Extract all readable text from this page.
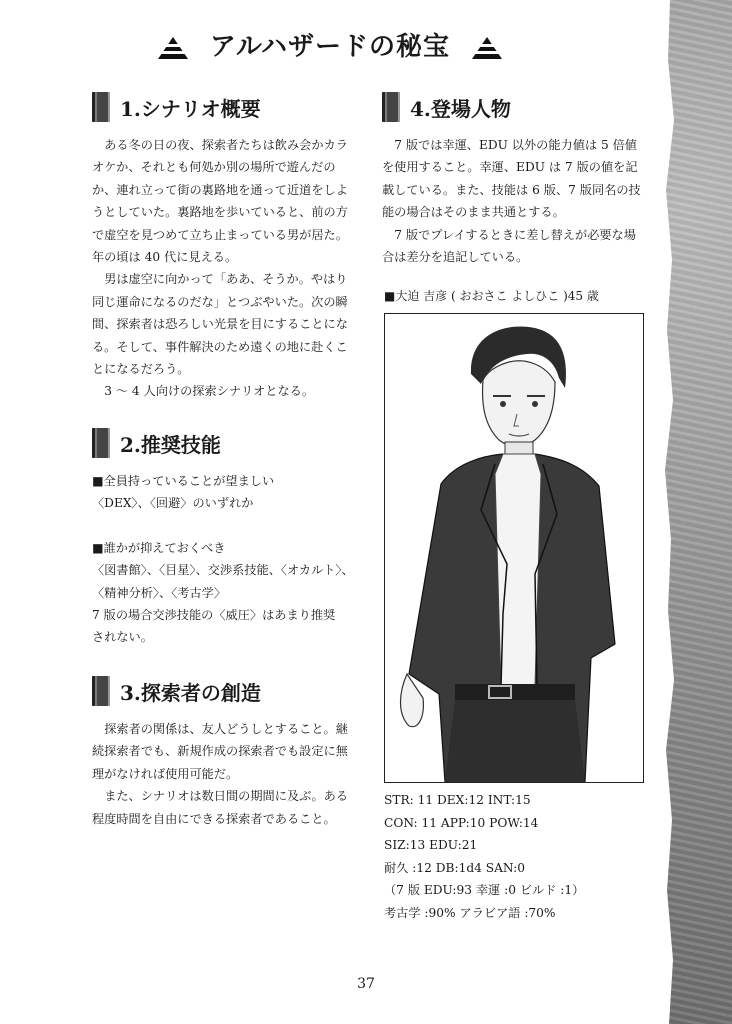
アルハザードの秘宝
1.シナリオ概要

ある冬の日の夜、探索者たちは飲み会かカラオケか、それとも何処か別の場所で遊んだのか、連れ立って街の裏路地を通って近道をしようとしていた。裏路地を歩いていると、前の方で虚空を見つめて立ち止まっている男が居た。年の頃は 40 代に見える。

男は虚空に向かって「ああ、そうか。やはり同じ運命になるのだな」とつぶやいた。次の瞬間、探索者は恐ろしい光景を目にすることになる。そして、事件解決のため遠くの地に赴くことになるだろう。

3 ～ 4 人向けの探索シナリオとなる。

2.推奨技能

■全員持っていることが望ましい

〈DEX〉、〈回避〉のいずれか

■誰かが抑えておくべき

〈図書館〉、〈目星〉、交渉系技能、〈オカルト〉、

〈精神分析〉、〈考古学〉

7 版の場合交渉技能の〈威圧〉はあまり推奨

されない。

3.探索者の創造

探索者の関係は、友人どうしとすること。継続探索者でも、新規作成の探索者でも設定に無理がなければ使用可能だ。

また、シナリオは数日間の期間に及ぶ。ある程度時間を自由にできる探索者であること。

4.登場人物

7 版では幸運、EDU 以外の能力値は 5 倍値を使用すること。幸運、EDU は 7 版の値を記載している。また、技能は 6 版、7 版同名の技能の場合はそのまま共通とする。

7 版でプレイするときに差し替えが必要な場合は差分を追記している。

■大迫 吉彦 ( おおさこ よしひこ )45 歳

STR: 11 DEX:12 INT:15

CON: 11 APP:10 POW:14

SIZ:13 EDU:21

耐久 :12 DB:1d4 SAN:0

（7 版 EDU:93 幸運 :0 ビルド :1）

考古学 :90% アラビア語 :70%

37
